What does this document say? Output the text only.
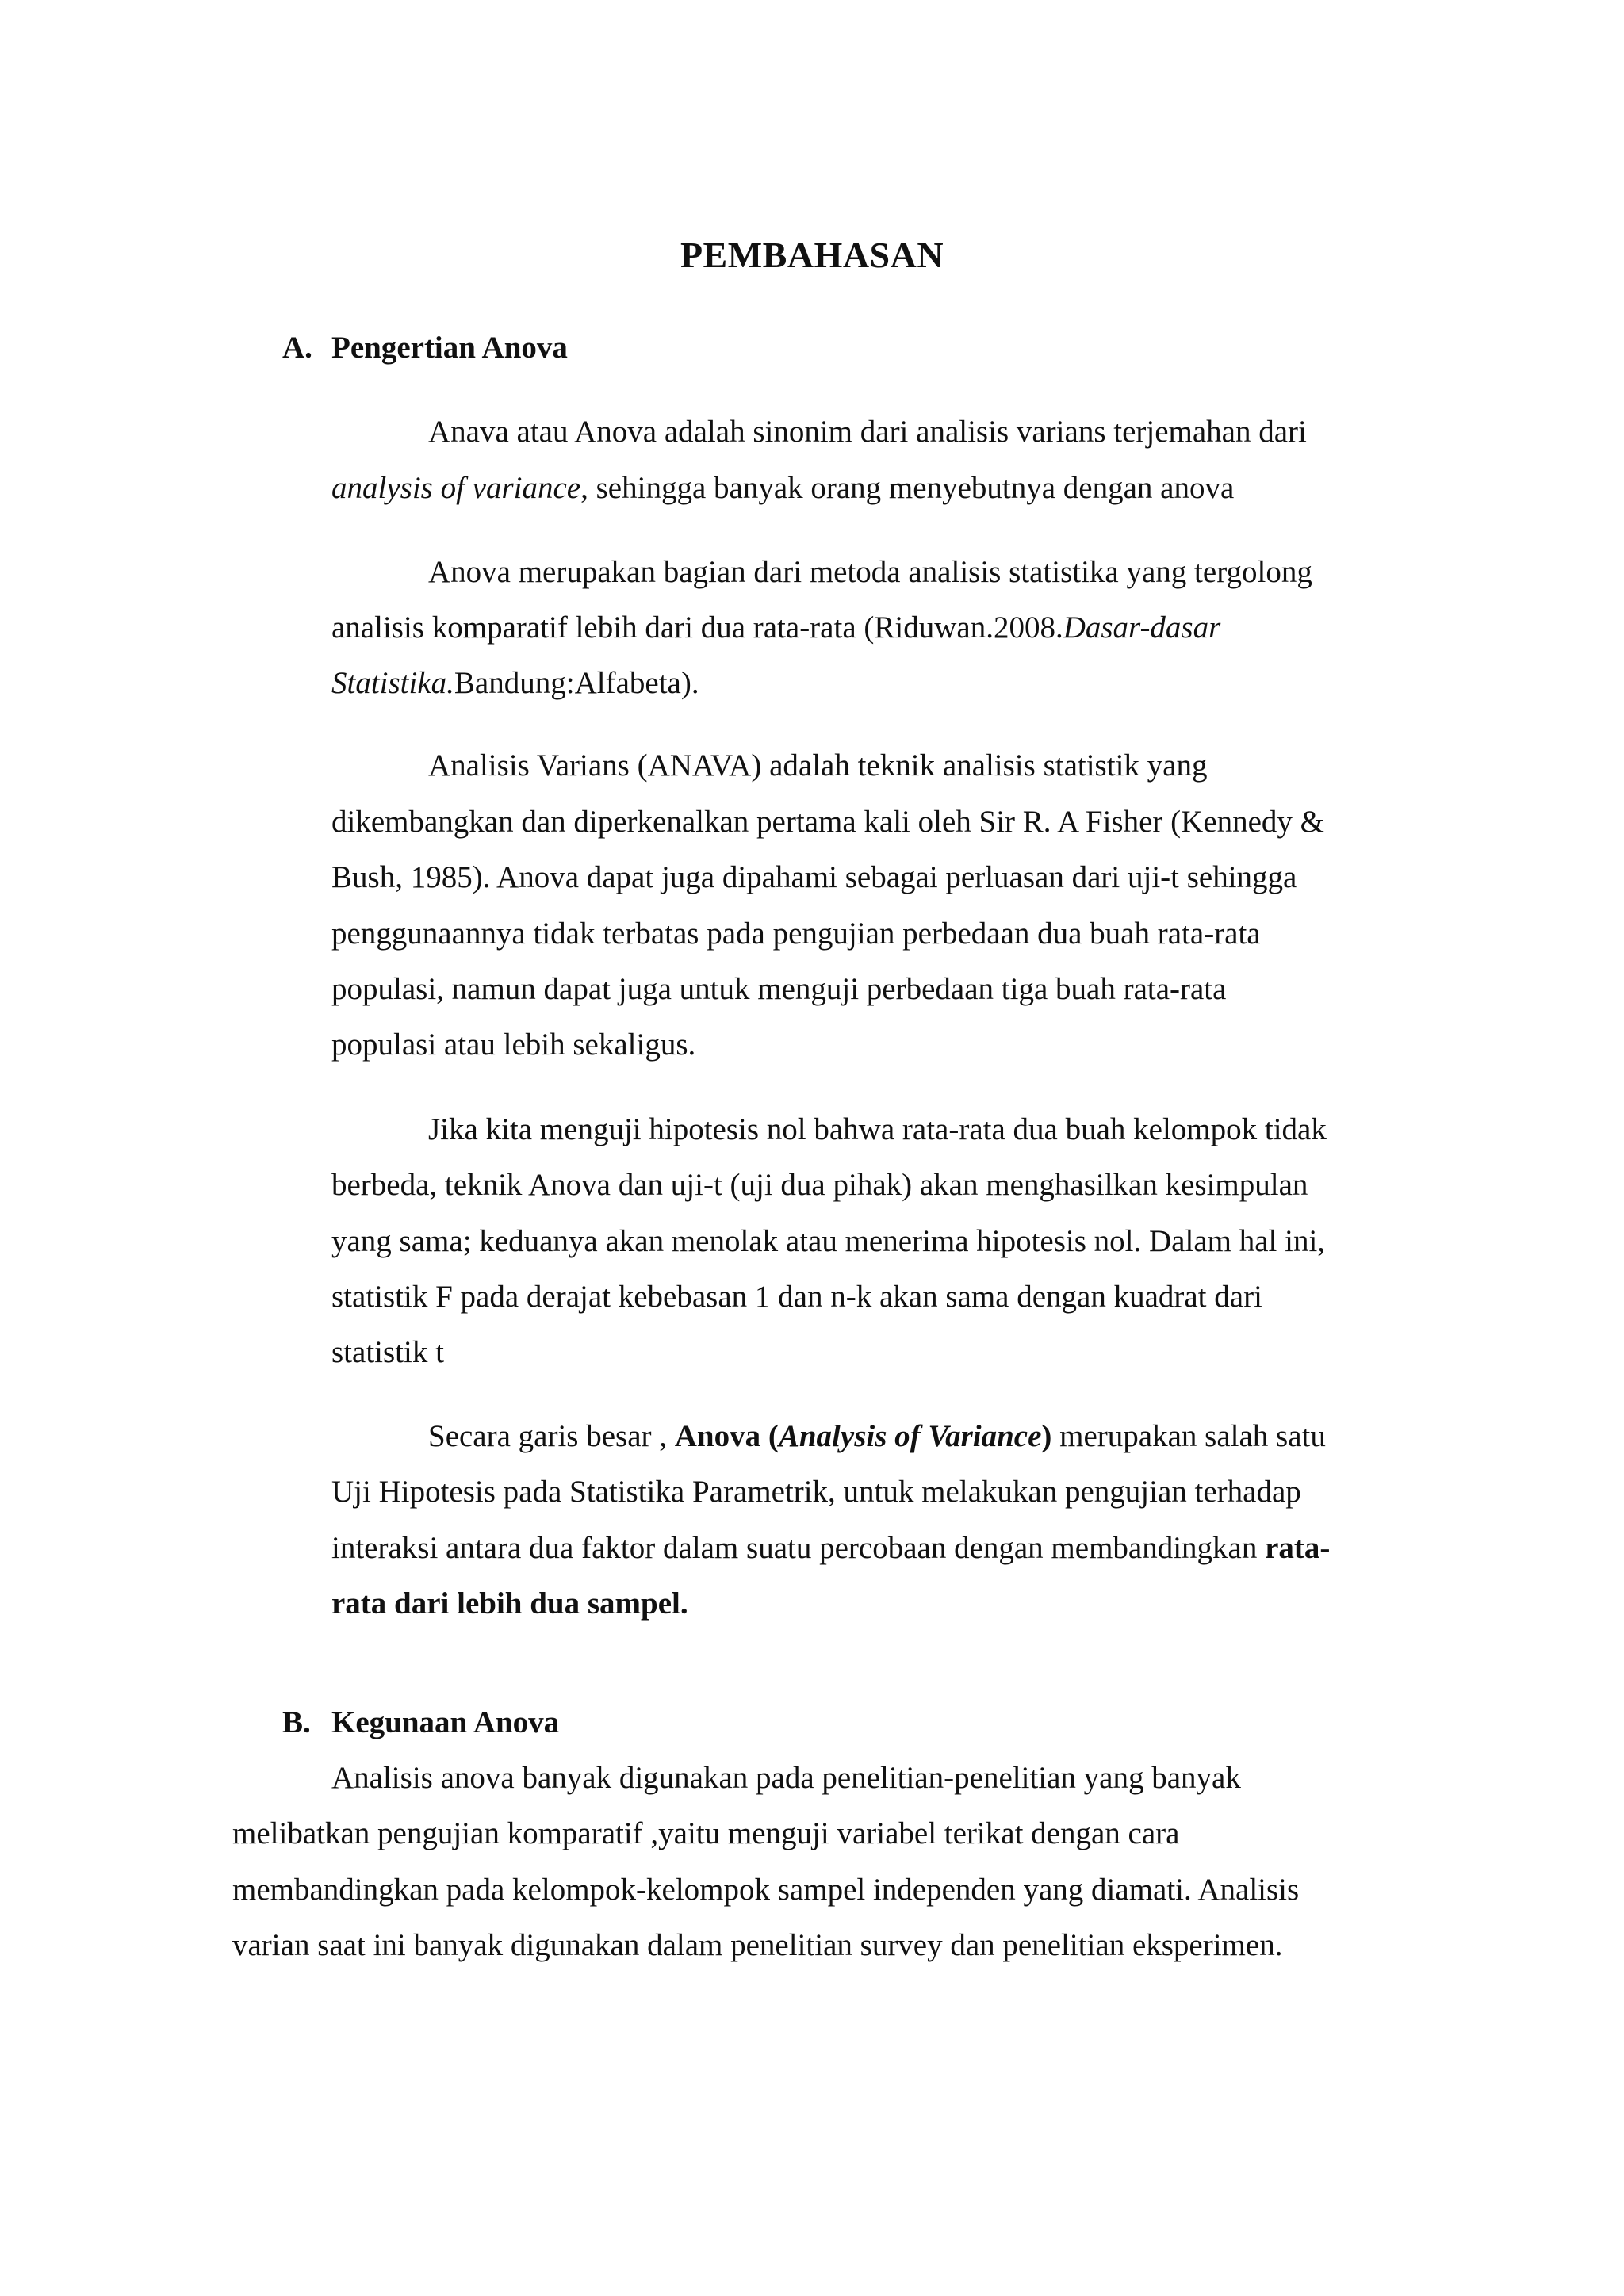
PEMBAHASAN
A. Pengertian Anova
Anava atau Anova adalah sinonim dari analisis varians terjemahan dari
analysis of variance, sehingga banyak orang menyebutnya dengan anova
Anova merupakan bagian dari metoda analisis statistika yang tergolong
analisis komparatif lebih dari dua rata-rata (Riduwan.2008.Dasar-dasar
Statistika.Bandung:Alfabeta).
Analisis Varians (ANAVA) adalah teknik analisis statistik yang
dikembangkan dan diperkenalkan pertama kali oleh Sir R. A Fisher (Kennedy &
Bush, 1985). Anova dapat juga dipahami sebagai perluasan dari uji-t sehingga
penggunaannya tidak terbatas pada pengujian perbedaan dua buah rata-rata
populasi, namun dapat juga untuk menguji perbedaan tiga buah rata-rata
populasi atau lebih sekaligus.
Jika kita menguji hipotesis nol bahwa rata-rata dua buah kelompok tidak
berbeda, teknik Anova dan uji-t (uji dua pihak) akan menghasilkan kesimpulan
yang sama; keduanya akan menolak atau menerima hipotesis nol. Dalam hal ini,
statistik F pada derajat kebebasan 1 dan n-k akan sama dengan kuadrat dari
statistik t
Secara garis besar , Anova (Analysis of Variance) merupakan salah satu
Uji Hipotesis pada Statistika Parametrik, untuk melakukan pengujian terhadap
interaksi antara dua faktor dalam suatu percobaan dengan membandingkan rata-
rata dari lebih dua sampel.
B. Kegunaan Anova
Analisis anova banyak digunakan pada penelitian-penelitian yang banyak
melibatkan pengujian komparatif ,yaitu menguji variabel terikat dengan cara
membandingkan pada kelompok-kelompok sampel independen yang diamati. Analisis
varian saat ini banyak digunakan dalam penelitian survey dan penelitian eksperimen.
